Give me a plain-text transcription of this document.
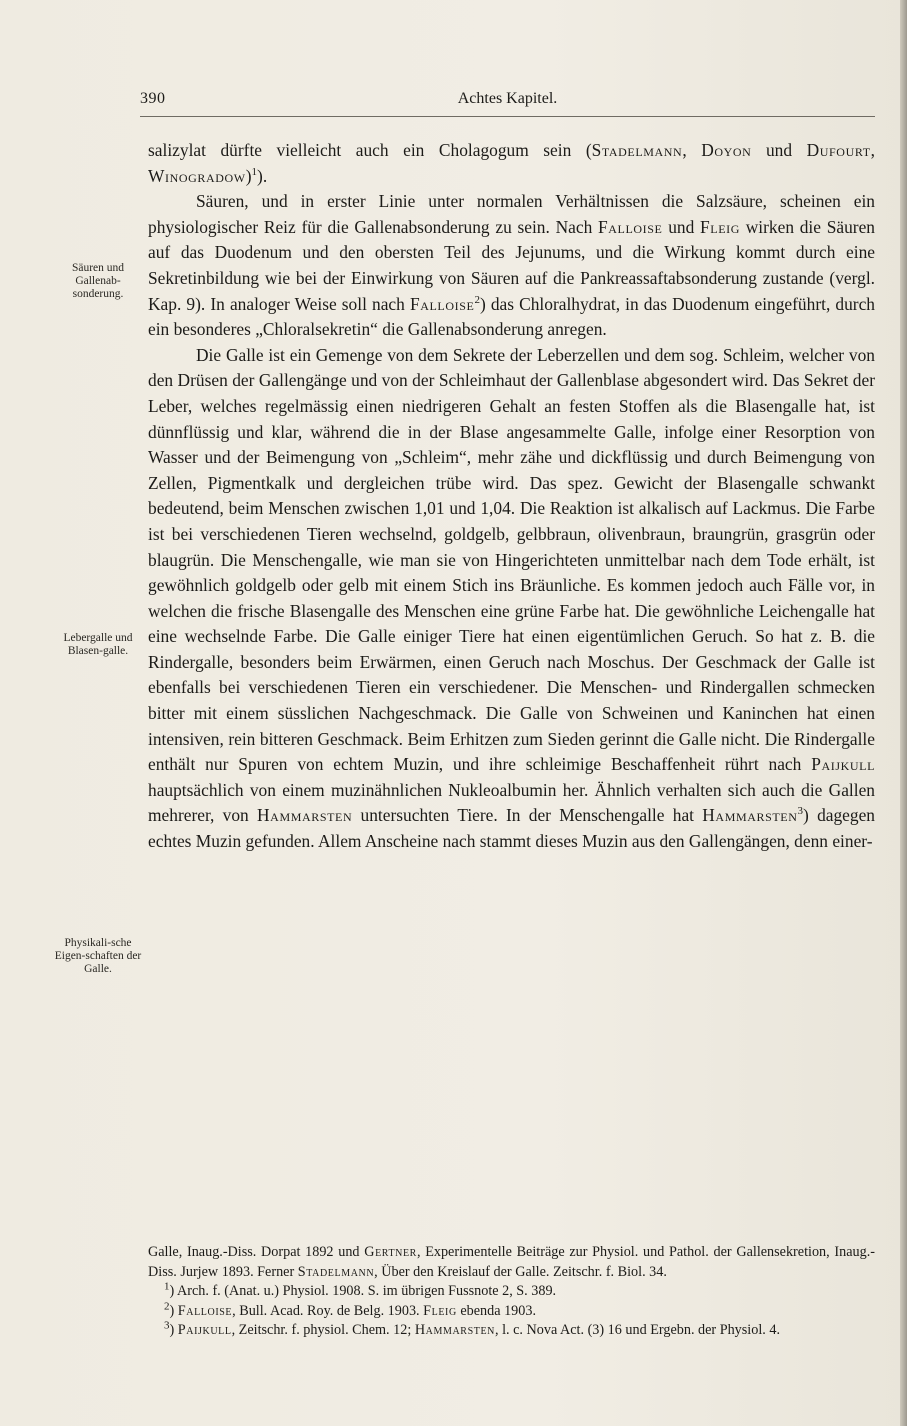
390	Achtes Kapitel.
Säuren und Gallenab-sonderung.
Lebergalle und Blasen-galle.
Physikali-sche Eigen-schaften der Galle.

salizylat dürfte vielleicht auch ein Cholagogum sein (Stadelmann, Doyon und Dufourt, Winogradow)$^1$).

Säuren, und in erster Linie unter normalen Verhältnissen die Salzsäure, scheinen ein physiologischer Reiz für die Gallenabsonderung zu sein. Nach Falloise und Fleig wirken die Säuren auf das Duodenum und den obersten Teil des Jejunums, und die Wirkung kommt durch eine Sekretinbildung wie bei der Einwirkung von Säuren auf die Pankreassaftabsonderung zustande (vergl. Kap. 9). In analoger Weise soll nach Falloise$^2$) das Chloralhydrat, in das Duodenum eingeführt, durch ein besonderes „Chloralsekretin“ die Gallenabsonderung anregen.

Die Galle ist ein Gemenge von dem Sekrete der Leberzellen und dem sog. Schleim, welcher von den Drüsen der Gallengänge und von der Schleimhaut der Gallenblase abgesondert wird. Das Sekret der Leber, welches regelmässig einen niedrigeren Gehalt an festen Stoffen als die Blasengalle hat, ist dünnflüssig und klar, während die in der Blase angesammelte Galle, infolge einer Resorption von Wasser und der Beimengung von „Schleim“, mehr zähe und dickflüssig und durch Beimengung von Zellen, Pigmentkalk und dergleichen trübe wird. Das spez. Gewicht der Blasengalle schwankt bedeutend, beim Menschen zwischen 1,01 und 1,04. Die Reaktion ist alkalisch auf Lackmus. Die Farbe ist bei verschiedenen Tieren wechselnd, goldgelb, gelbbraun, olivenbraun, braungrün, grasgrün oder blaugrün. Die Menschengalle, wie man sie von Hingerichteten unmittelbar nach dem Tode erhält, ist gewöhnlich goldgelb oder gelb mit einem Stich ins Bräunliche. Es kommen jedoch auch Fälle vor, in welchen die frische Blasengalle des Menschen eine grüne Farbe hat. Die gewöhnliche Leichengalle hat eine wechselnde Farbe. Die Galle einiger Tiere hat einen eigentümlichen Geruch. So hat z. B. die Rindergalle, besonders beim Erwärmen, einen Geruch nach Moschus. Der Geschmack der Galle ist ebenfalls bei verschiedenen Tieren ein verschiedener. Die Menschen- und Rindergallen schmecken bitter mit einem süsslichen Nachgeschmack. Die Galle von Schweinen und Kaninchen hat einen intensiven, rein bitteren Geschmack. Beim Erhitzen zum Sieden gerinnt die Galle nicht. Die Rindergalle enthält nur Spuren von echtem Muzin, und ihre schleimige Beschaffenheit rührt nach Paijkull hauptsächlich von einem muzinähnlichen Nukleoalbumin her. Ähnlich verhalten sich auch die Gallen mehrerer, von Hammarsten untersuchten Tiere. In der Menschengalle hat Hammarsten$^3$) dagegen echtes Muzin gefunden. Allem Anscheine nach stammt dieses Muzin aus den Gallengängen, denn einer-

Galle, Inaug.-Diss. Dorpat 1892 und Gertner, Experimentelle Beiträge zur Physiol. und Pathol. der Gallensekretion, Inaug.-Diss. Jurjew 1893. Ferner Stadelmann, Über den Kreislauf der Galle. Zeitschr. f. Biol. 34.

$^1$) Arch. f. (Anat. u.) Physiol. 1908. S. im übrigen Fussnote 2, S. 389.

$^2$) Falloise, Bull. Acad. Roy. de Belg. 1903. Fleig ebenda 1903.

$^3$) Paijkull, Zeitschr. f. physiol. Chem. 12; Hammarsten, l. c. Nova Act. (3) 16 und Ergebn. der Physiol. 4.
